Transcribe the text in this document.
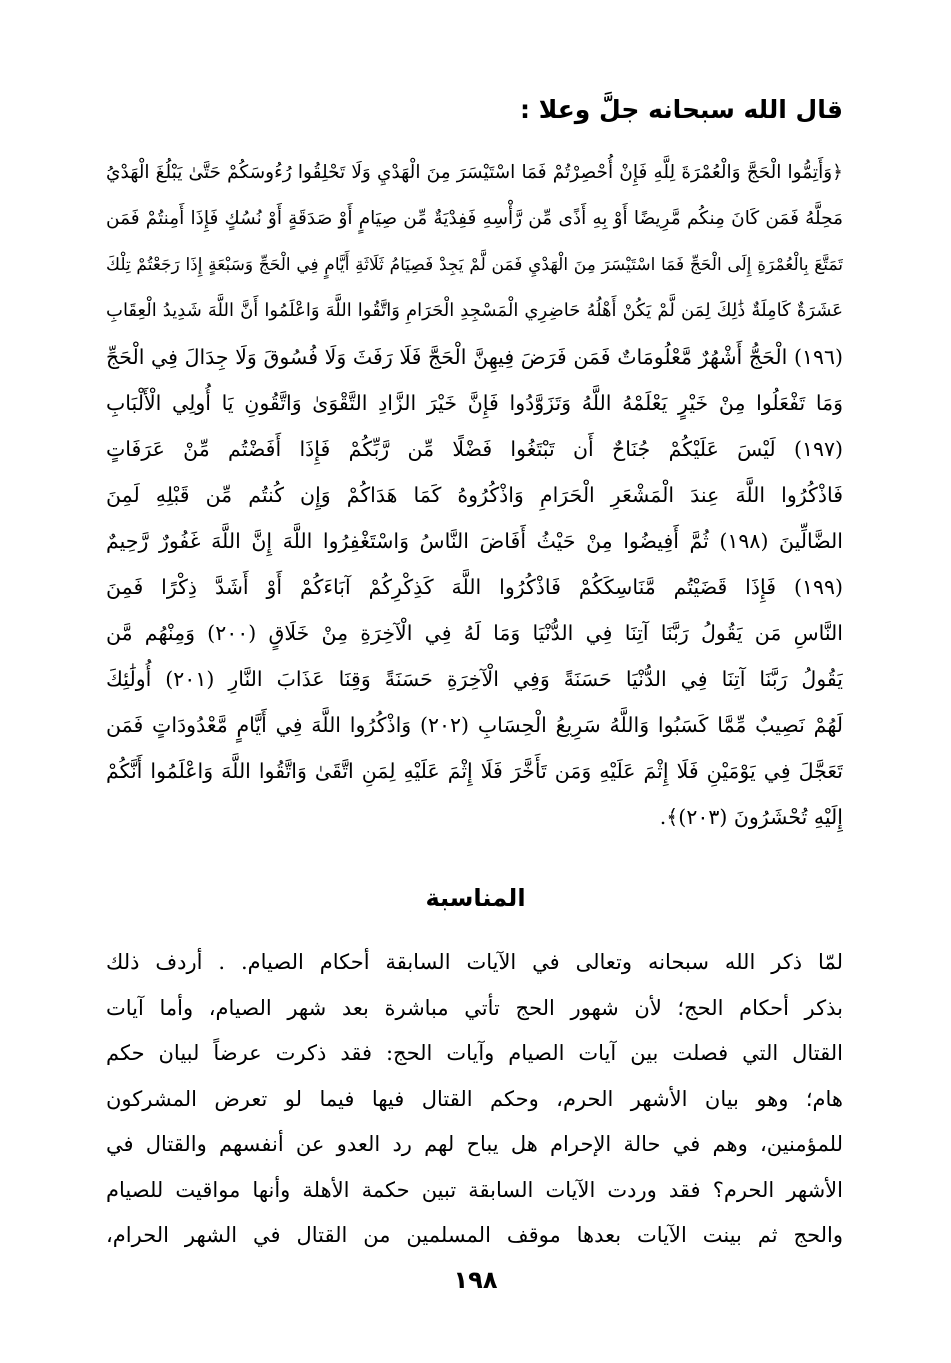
قال الله سبحانه جلَّ وعلا :
﴿وَأَتِمُّوا الْحَجَّ وَالْعُمْرَةَ لِلَّهِ فَإِنْ أُحْصِرْتُمْ فَمَا اسْتَيْسَرَ مِنَ الْهَدْيِ وَلَا تَحْلِقُوا رُءُوسَكُمْ حَتَّىٰ يَبْلُغَ الْهَدْيُ
مَحِلَّهُ فَمَن كَانَ مِنكُم مَّرِيضًا أَوْ بِهِ أَذًى مِّن رَّأْسِهِ فَفِدْيَةٌ مِّن صِيَامٍ أَوْ صَدَقَةٍ أَوْ نُسُكٍ فَإِذَا أَمِنتُمْ فَمَن
تَمَتَّعَ بِالْعُمْرَةِ إِلَى الْحَجِّ فَمَا اسْتَيْسَرَ مِنَ الْهَدْيِ فَمَن لَّمْ يَجِدْ فَصِيَامُ ثَلَاثَةِ أَيَّامٍ فِي الْحَجِّ وَسَبْعَةٍ إِذَا رَجَعْتُمْ تِلْكَ
عَشَرَةٌ كَامِلَةٌ ذَٰلِكَ لِمَن لَّمْ يَكُنْ أَهْلُهُ حَاضِرِي الْمَسْجِدِ الْحَرَامِ وَاتَّقُوا اللَّهَ وَاعْلَمُوا أَنَّ اللَّهَ شَدِيدُ الْعِقَابِ
(١٩٦) الْحَجُّ أَشْهُرٌ مَّعْلُومَاتٌ فَمَن فَرَضَ فِيهِنَّ الْحَجَّ فَلَا رَفَثَ وَلَا فُسُوقَ وَلَا جِدَالَ فِي الْحَجِّ
وَمَا تَفْعَلُوا مِنْ خَيْرٍ يَعْلَمْهُ اللَّهُ وَتَزَوَّدُوا فَإِنَّ خَيْرَ الزَّادِ التَّقْوَىٰ وَاتَّقُونِ يَا أُولِي الْأَلْبَابِ
(١٩٧) لَيْسَ عَلَيْكُمْ جُنَاحٌ أَن تَبْتَغُوا فَضْلًا مِّن رَّبِّكُمْ فَإِذَا أَفَضْتُم مِّنْ عَرَفَاتٍ
فَاذْكُرُوا اللَّهَ عِندَ الْمَشْعَرِ الْحَرَامِ وَاذْكُرُوهُ كَمَا هَدَاكُمْ وَإِن كُنتُم مِّن قَبْلِهِ لَمِنَ
الضَّالِّينَ (١٩٨) ثُمَّ أَفِيضُوا مِنْ حَيْثُ أَفَاضَ النَّاسُ وَاسْتَغْفِرُوا اللَّهَ إِنَّ اللَّهَ غَفُورٌ رَّحِيمٌ
(١٩٩) فَإِذَا قَضَيْتُم مَّنَاسِكَكُمْ فَاذْكُرُوا اللَّهَ كَذِكْرِكُمْ آبَاءَكُمْ أَوْ أَشَدَّ ذِكْرًا فَمِنَ
النَّاسِ مَن يَقُولُ رَبَّنَا آتِنَا فِي الدُّنْيَا وَمَا لَهُ فِي الْآخِرَةِ مِنْ خَلَاقٍ (٢٠٠) وَمِنْهُم مَّن
يَقُولُ رَبَّنَا آتِنَا فِي الدُّنْيَا حَسَنَةً وَفِي الْآخِرَةِ حَسَنَةً وَقِنَا عَذَابَ النَّارِ (٢٠١) أُولَٰئِكَ
لَهُمْ نَصِيبٌ مِّمَّا كَسَبُوا وَاللَّهُ سَرِيعُ الْحِسَابِ (٢٠٢) وَاذْكُرُوا اللَّهَ فِي أَيَّامٍ مَّعْدُودَاتٍ فَمَن
تَعَجَّلَ فِي يَوْمَيْنِ فَلَا إِثْمَ عَلَيْهِ وَمَن تَأَخَّرَ فَلَا إِثْمَ عَلَيْهِ لِمَنِ اتَّقَىٰ وَاتَّقُوا اللَّهَ وَاعْلَمُوا أَنَّكُمْ
إِلَيْهِ تُحْشَرُونَ (٢٠٣)﴾.
المناسبة
لمّا ذكر الله سبحانه وتعالى في الآيات السابقة أحكام الصيام. . أردف ذلك
بذكر أحكام الحج؛ لأن شهور الحج تأتي مباشرة بعد شهر الصيام، وأما آيات
القتال التي فصلت بين آيات الصيام وآيات الحج: فقد ذكرت عرضاً لبيان حكم
هام؛ وهو بيان الأشهر الحرم، وحكم القتال فيها فيما لو تعرض المشركون
للمؤمنين، وهم في حالة الإحرام هل يباح لهم رد العدو عن أنفسهم والقتال في
الأشهر الحرم؟ فقد وردت الآيات السابقة تبين حكمة الأهلة وأنها مواقيت للصيام
والحج ثم بينت الآيات بعدها موقف المسلمين من القتال في الشهر الحرام،
١٩٨
